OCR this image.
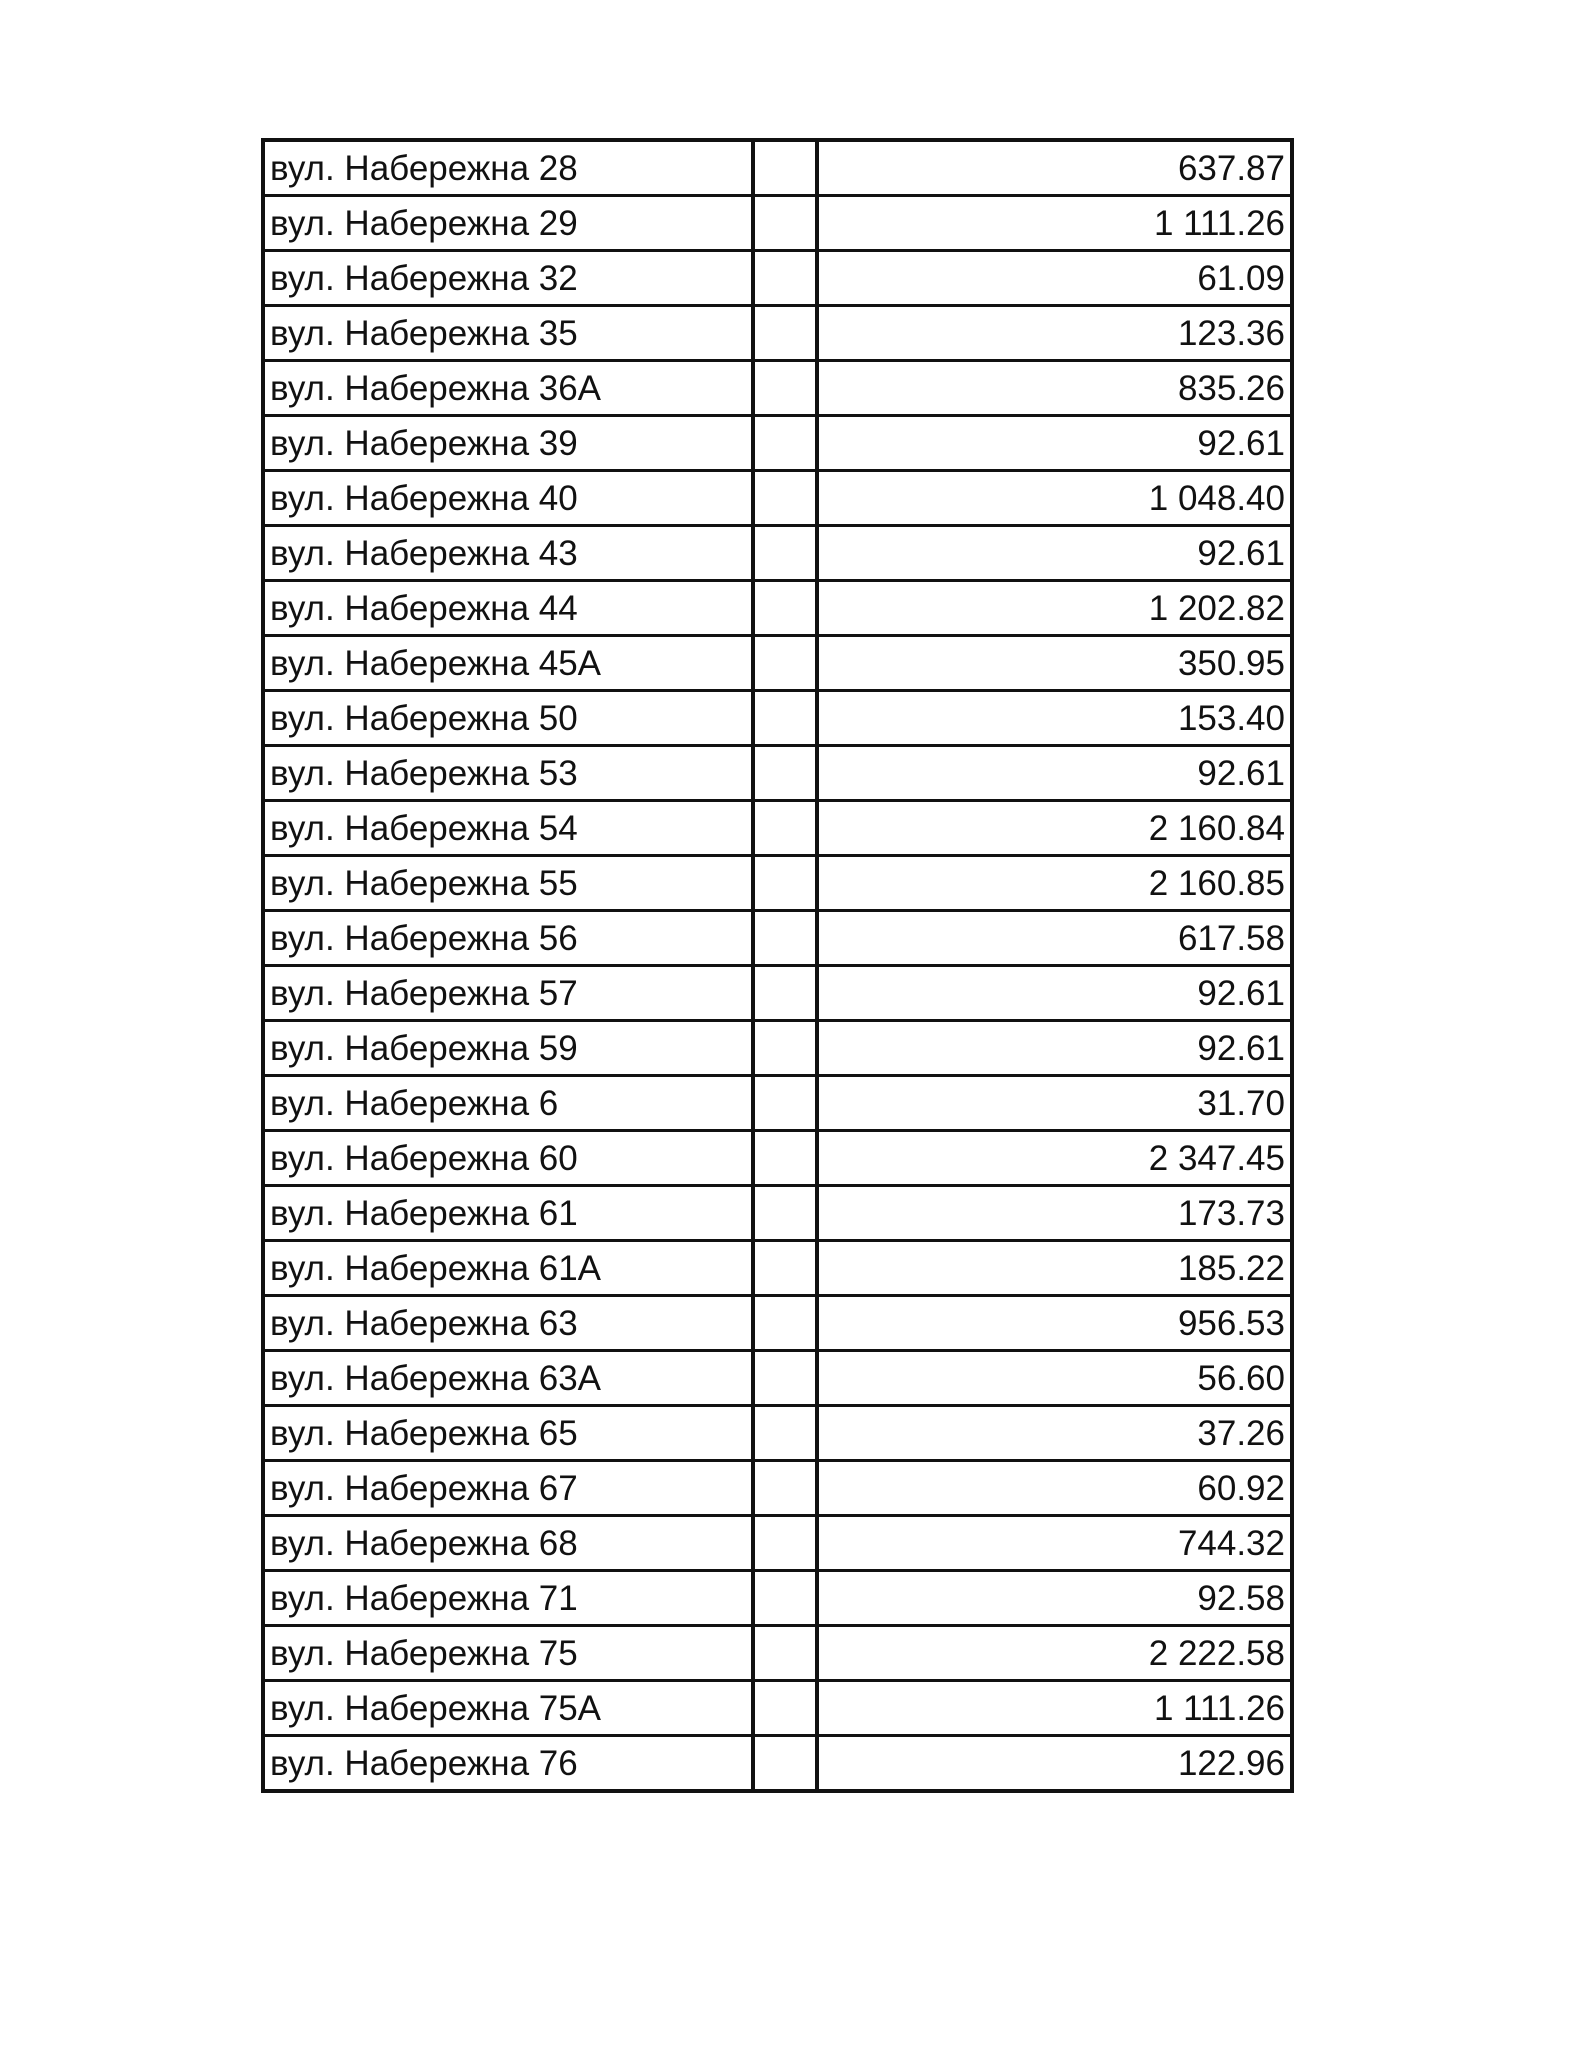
вул. Набережна 28		637.87
вул. Набережна 29		1 111.26
вул. Набережна 32		61.09
вул. Набережна 35		123.36
вул. Набережна 36А		835.26
вул. Набережна 39		92.61
вул. Набережна 40		1 048.40
вул. Набережна 43		92.61
вул. Набережна 44		1 202.82
вул. Набережна 45А		350.95
вул. Набережна 50		153.40
вул. Набережна 53		92.61
вул. Набережна 54		2 160.84
вул. Набережна 55		2 160.85
вул. Набережна 56		617.58
вул. Набережна 57		92.61
вул. Набережна 59		92.61
вул. Набережна 6		31.70
вул. Набережна 60		2 347.45
вул. Набережна 61		173.73
вул. Набережна 61А		185.22
вул. Набережна 63		956.53
вул. Набережна 63А		56.60
вул. Набережна 65		37.26
вул. Набережна 67		60.92
вул. Набережна 68		744.32
вул. Набережна 71		92.58
вул. Набережна 75		2 222.58
вул. Набережна 75А		1 111.26
вул. Набережна 76		122.96
